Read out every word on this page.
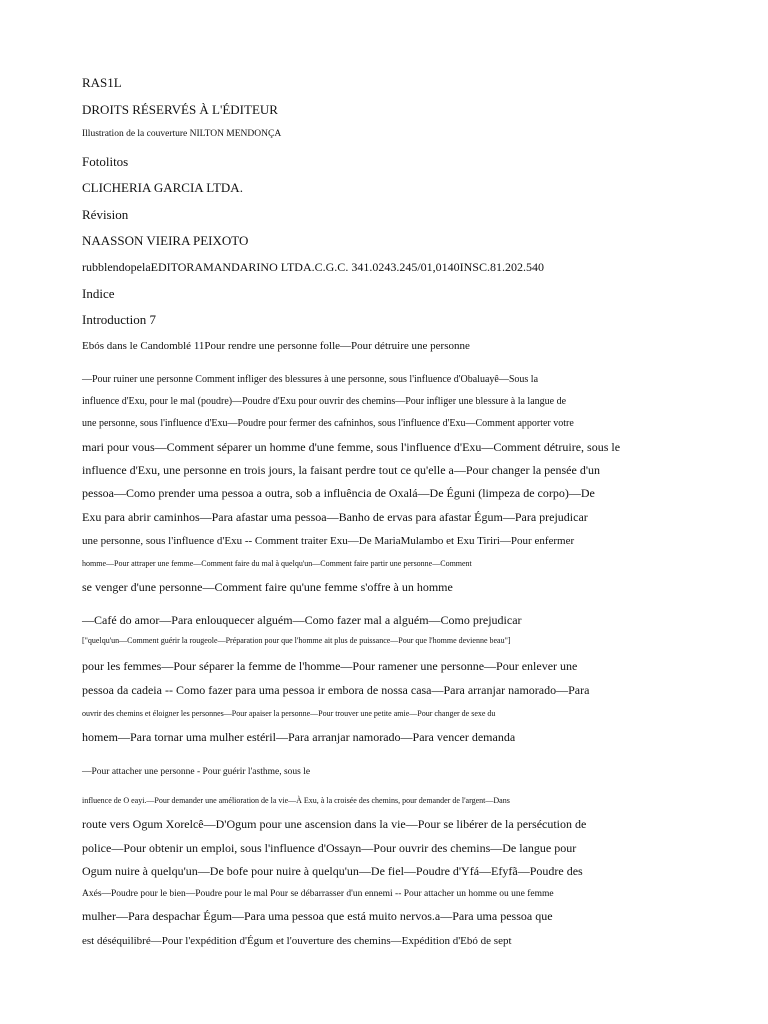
RAS1L

DROITS RÉSERVÉS À L'ÉDITEUR

Illustration de la couverture NILTON MENDONÇA

Fotolitos

CLICHERIA GARCIA LTDA.

Révision

NAASSON VIEIRA PEIXOTO

rubblendopelaEDITORAMANDARINO LTDA.C.G.C. 341.0243.245/01,0140INSC.81.202.540

Indice

Introduction 7

Ebós dans le Candomblé 11Pour rendre une personne folle—Pour détruire une personne

—Pour ruiner une personne Comment infliger des blessures à une personne, sous l'influence d'Obaluayê—Sous la

influence d'Exu, pour le mal (poudre)—Poudre d'Exu pour ouvrir des chemins—Pour infliger une blessure à la langue de

une personne, sous l'influence d'Exu—Poudre pour fermer des cafninhos, sous l'influence d'Exu—Comment apporter votre

mari pour vous—Comment séparer un homme d'une femme, sous l'influence d'Exu—Comment détruire, sous le

influence d'Exu, une personne en trois jours, la faisant perdre tout ce qu'elle a—Pour changer la pensée d'un

pessoa—Como prender uma pessoa a outra, sob a influência de Oxalá—De Éguni (limpeza de corpo)—De

Exu para abrir caminhos—Para afastar uma pessoa—Banho de ervas para afastar Égum—Para prejudicar

une personne, sous l'influence d'Exu -- Comment traiter Exu—De MariaMulambo et Exu Tiriri—Pour enfermer

homme—Pour attraper une femme—Comment faire du mal à quelqu'un—Comment faire partir une personne—Comment

se venger d'une personne—Comment faire qu'une femme s'offre à un homme

—Café do amor—Para enlouquecer alguém—Como fazer mal a alguém—Como prejudicar

["quelqu'un—Comment guérir la rougeole—Préparation pour que l'homme ait plus de puissance—Pour que l'homme devienne beau"]

pour les femmes—Pour séparer la femme de l'homme—Pour ramener une personne—Pour enlever une

pessoa da cadeia -- Como fazer para uma pessoa ir embora de nossa casa—Para arranjar namorado—Para

ouvrir des chemins et éloigner les personnes—Pour apaiser la personne—Pour trouver une petite amie—Pour changer de sexe du

homem—Para tornar uma mulher estéril—Para arranjar namorado—Para vencer demanda

—Pour attacher une personne - Pour guérir l'asthme, sous le

influence de O eayi.—Pour demander une amélioration de la vie—À Exu, à la croisée des chemins, pour demander de l'argent—Dans

route vers Ogum Xorelcê—D'Ogum pour une ascension dans la vie—Pour se libérer de la persécution de

police—Pour obtenir un emploi, sous l'influence d'Ossayn—Pour ouvrir des chemins—De langue pour

Ogum nuire à quelqu'un—De bofe pour nuire à quelqu'un—De fiel—Poudre d'Yfá—Efyfã—Poudre des

Axés—Poudre pour le bien—Poudre pour le mal Pour se débarrasser d'un ennemi -- Pour attacher un homme ou une femme

mulher—Para despachar Égum—Para uma pessoa que está muito nervos.a—Para uma pessoa que

est déséquilibré—Pour l'expédition d'Égum et l'ouverture des chemins—Expédition d'Ebó de sept
